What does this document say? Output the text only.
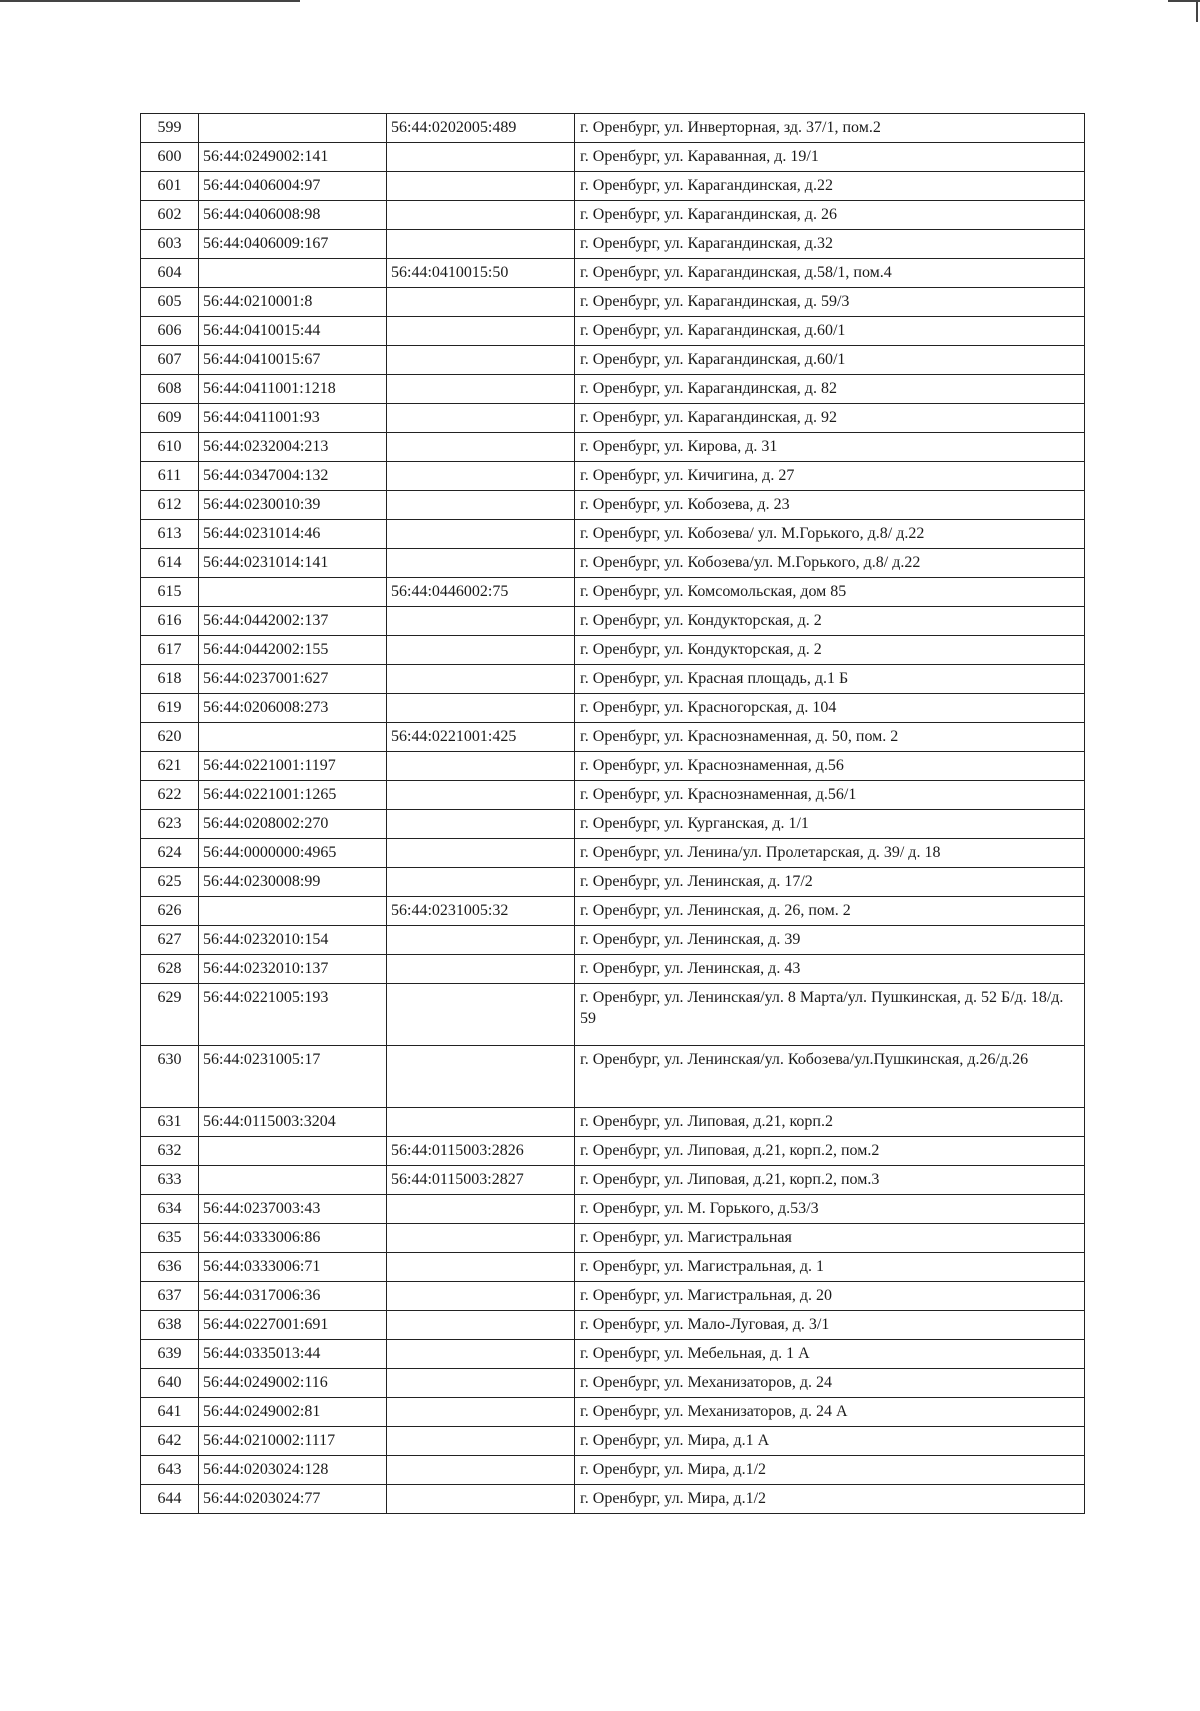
599		56:44:0202005:489	г. Оренбург, ул. Инверторная, зд. 37/1, пом.2
600	56:44:0249002:141		г. Оренбург, ул. Караванная, д. 19/1
601	56:44:0406004:97		г. Оренбург, ул. Карагандинская, д.22
602	56:44:0406008:98		г. Оренбург, ул. Карагандинская, д. 26
603	56:44:0406009:167		г. Оренбург, ул. Карагандинская, д.32
604		56:44:0410015:50	г. Оренбург, ул. Карагандинская, д.58/1, пом.4
605	56:44:0210001:8		г. Оренбург, ул. Карагандинская, д. 59/3
606	56:44:0410015:44		г. Оренбург, ул. Карагандинская, д.60/1
607	56:44:0410015:67		г. Оренбург, ул. Карагандинская, д.60/1
608	56:44:0411001:1218		г. Оренбург, ул. Карагандинская, д. 82
609	56:44:0411001:93		г. Оренбург, ул. Карагандинская, д. 92
610	56:44:0232004:213		г. Оренбург, ул. Кирова, д. 31
611	56:44:0347004:132		г. Оренбург, ул. Кичигина, д. 27
612	56:44:0230010:39		г. Оренбург, ул. Кобозева, д. 23
613	56:44:0231014:46		г. Оренбург, ул. Кобозева/ ул. М.Горького, д.8/ д.22
614	56:44:0231014:141		г. Оренбург, ул. Кобозева/ул. М.Горького, д.8/ д.22
615		56:44:0446002:75	г. Оренбург, ул. Комсомольская, дом 85
616	56:44:0442002:137		г. Оренбург, ул. Кондукторская, д. 2
617	56:44:0442002:155		г. Оренбург, ул. Кондукторская, д. 2
618	56:44:0237001:627		г. Оренбург, ул. Красная площадь, д.1 Б
619	56:44:0206008:273		г. Оренбург, ул. Красногорская, д. 104
620		56:44:0221001:425	г. Оренбург, ул. Краснознаменная, д. 50, пом. 2
621	56:44:0221001:1197		г. Оренбург, ул. Краснознаменная, д.56
622	56:44:0221001:1265		г. Оренбург, ул. Краснознаменная, д.56/1
623	56:44:0208002:270		г. Оренбург, ул. Курганская, д. 1/1
624	56:44:0000000:4965		г. Оренбург, ул. Ленина/ул. Пролетарская, д. 39/ д. 18
625	56:44:0230008:99		г. Оренбург, ул. Ленинская, д. 17/2
626		56:44:0231005:32	г. Оренбург, ул. Ленинская, д. 26, пом. 2
627	56:44:0232010:154		г. Оренбург, ул. Ленинская, д. 39
628	56:44:0232010:137		г. Оренбург, ул. Ленинская, д. 43
629	56:44:0221005:193		г. Оренбург, ул. Ленинская/ул. 8 Марта/ул. Пушкинская, д. 52 Б/д. 18/д. 59
630	56:44:0231005:17		г. Оренбург, ул. Ленинская/ул. Кобозева/ул.Пушкинская, д.26/д.26
631	56:44:0115003:3204		г. Оренбург, ул. Липовая, д.21, корп.2
632		56:44:0115003:2826	г. Оренбург, ул. Липовая, д.21, корп.2, пом.2
633		56:44:0115003:2827	г. Оренбург, ул. Липовая, д.21, корп.2, пом.3
634	56:44:0237003:43		г. Оренбург, ул. М. Горького, д.53/3
635	56:44:0333006:86		г. Оренбург, ул. Магистральная
636	56:44:0333006:71		г. Оренбург, ул. Магистральная, д. 1
637	56:44:0317006:36		г. Оренбург, ул. Магистральная, д. 20
638	56:44:0227001:691		г. Оренбург, ул. Мало-Луговая, д. 3/1
639	56:44:0335013:44		г. Оренбург, ул. Мебельная, д. 1 А
640	56:44:0249002:116		г. Оренбург, ул. Механизаторов, д. 24
641	56:44:0249002:81		г. Оренбург, ул. Механизаторов, д. 24 А
642	56:44:0210002:1117		г. Оренбург, ул. Мира, д.1 А
643	56:44:0203024:128		г. Оренбург, ул. Мира, д.1/2
644	56:44:0203024:77		г. Оренбург, ул. Мира, д.1/2
